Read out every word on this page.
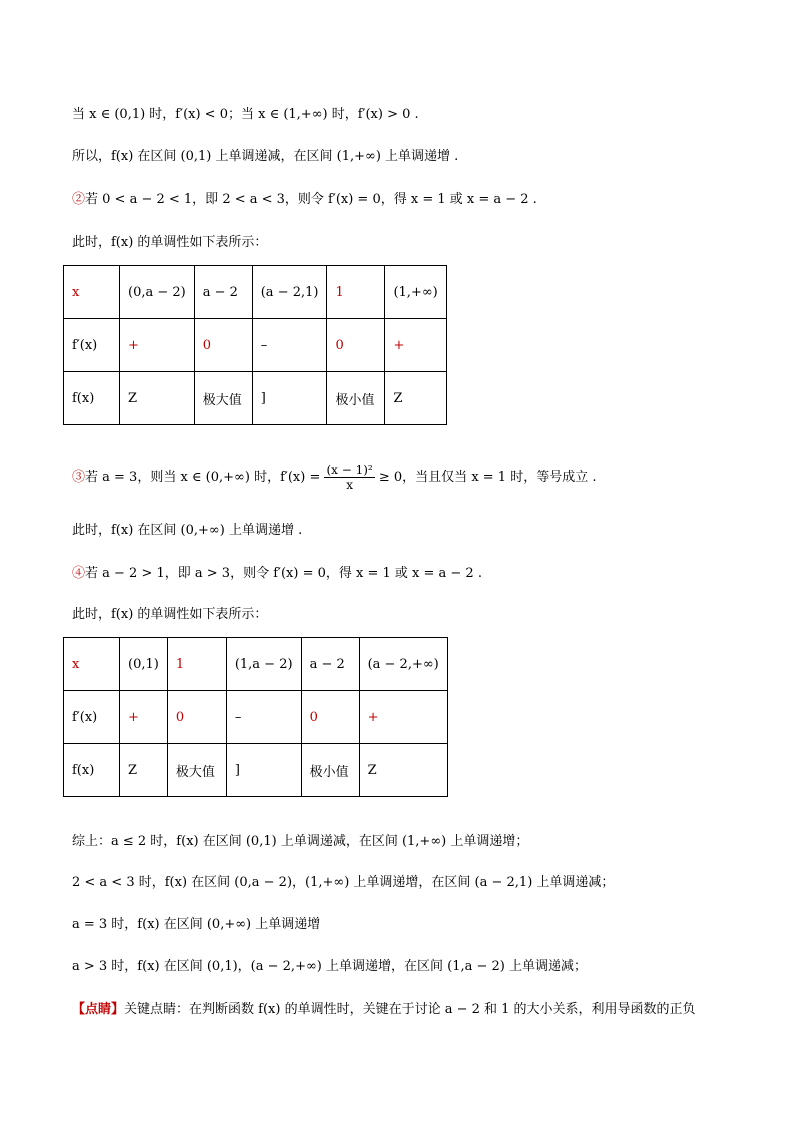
当 x ∈ (0,1) 时，f′(x) < 0；当 x ∈ (1,+∞) 时，f′(x) > 0 .
所以，f(x) 在区间 (0,1) 上单调递减，在区间 (1,+∞) 上单调递增 .
②若 0 < a − 2 < 1，即 2 < a < 3，则令 f′(x) = 0，得 x = 1 或 x = a − 2 .
此时，f(x) 的单调性如下表所示：
x	(0,a − 2)	a − 2	(a − 2,1)	1	(1,+∞)
f′(x)	+	0	–	0	+
f(x)	Z	极大值	]	极小值	Z
③若 a = 3，则当 x ∈ (0,+∞) 时，$f'(x) = \frac{\text{(x − 1)²}}{x} \ge 0$，当且仅当 x = 1 时，等号成立 .
此时，f(x) 在区间 (0,+∞) 上单调递增 .
④若 a − 2 > 1，即 a > 3，则令 f′(x) = 0，得 x = 1 或 x = a − 2 .
此时，f(x) 的单调性如下表所示：
x	(0,1)	1	(1,a − 2)	a − 2	(a − 2,+∞)
f′(x)	+	0	–	0	+
f(x)	Z	极大值	]	极小值	Z
综上：a ≤ 2 时，f(x) 在区间 (0,1) 上单调递减，在区间 (1,+∞) 上单调递增；
2 < a < 3 时，f(x) 在区间 (0,a − 2)，(1,+∞) 上单调递增，在区间 (a − 2,1) 上单调递减；
a = 3 时，f(x) 在区间 (0,+∞) 上单调递增
a > 3 时，f(x) 在区间 (0,1)，(a − 2,+∞) 上单调递增，在区间 (1,a − 2) 上单调递减；
【点睛】关键点睛：在判断函数 f(x) 的单调性时，关键在于讨论 a − 2 和 1 的大小关系，利用导函数的正负
